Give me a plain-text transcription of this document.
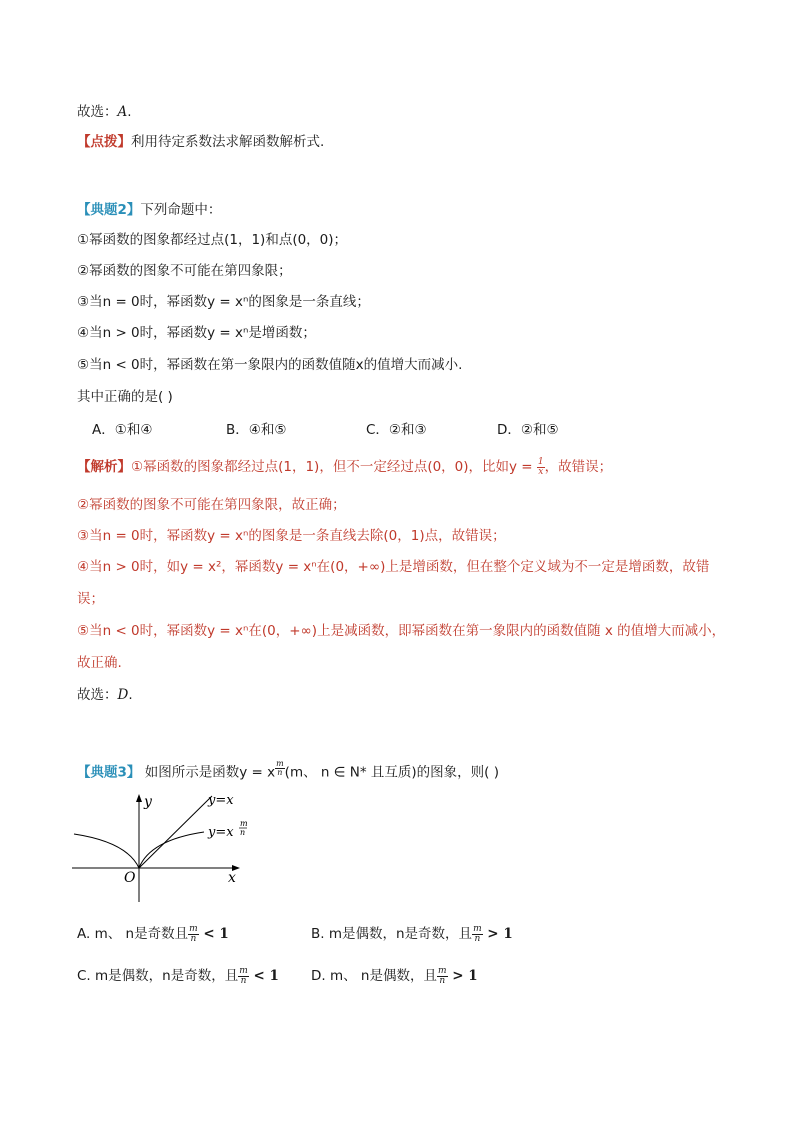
故选：A.
【点拨】利用待定系数法求解函数解析式.
【典题2】下列命题中：
①幂函数的图象都经过点(1，1)和点(0，0)；
②幂函数的图象不可能在第四象限；
③当n = 0时，幂函数y = xⁿ的图象是一条直线；
④当n > 0时，幂函数y = xⁿ是增函数；
⑤当n < 0时，幂函数在第一象限内的函数值随x的值增大而减小.
其中正确的是( )
A．①和④	B．④和⑤	C．②和③	D．②和⑤
【解析】①幂函数的图象都经过点(1，1)，但不一定经过点(0，0)，比如$y = \frac{1}{x}$ ，故错误；
②幂函数的图象不可能在第四象限，故正确；
③当n = 0时，幂函数y = xⁿ的图象是一条直线去除(0，1)点，故错误；
④当n > 0时，如y = x²，幂函数y = xⁿ在(0，+∞)上是增函数，但在整个定义域为不一定是增函数，故错
误；
⑤当n < 0时，幂函数y = xⁿ在(0，+∞)上是减函数，即幂函数在第一象限内的函数值随 x 的值增大而减小，
故正确.
故选：D.
【典题3】 如图所示是函数y = x $^{\frac{m}{n}}$ (m、 n ∈ N* 且互质)的图象，则( )
y
x
O
y=x
y=x
m
n
A. m、 n是奇数且 $\frac{m}{n} < 1$	B. m是偶数，n是奇数，且 $\frac{m}{n} > 1$
C. m是偶数，n是奇数，且 $\frac{m}{n} < 1$ D. m、 n是偶数，且 $\frac{m}{n} > 1$
